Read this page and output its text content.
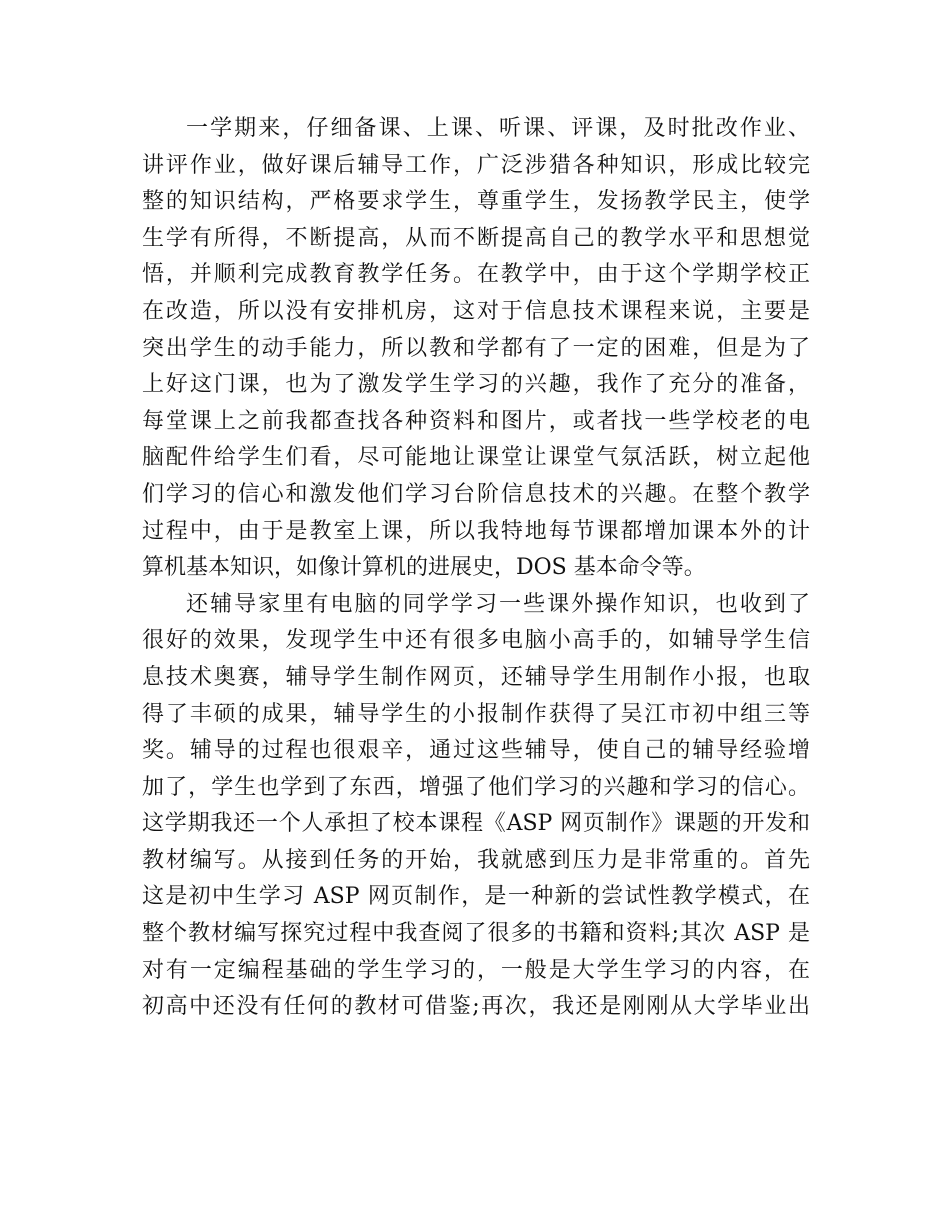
一学期来，仔细备课、上课、听课、评课，及时批改作业、
讲评作业，做好课后辅导工作，广泛涉猎各种知识，形成比较完
整的知识结构，严格要求学生，尊重学生，发扬教学民主，使学
生学有所得，不断提高，从而不断提高自己的教学水平和思想觉
悟，并顺利完成教育教学任务。在教学中，由于这个学期学校正
在改造，所以没有安排机房，这对于信息技术课程来说，主要是
突出学生的动手能力，所以教和学都有了一定的困难，但是为了
上好这门课，也为了激发学生学习的兴趣，我作了充分的准备，
每堂课上之前我都查找各种资料和图片，或者找一些学校老的电
脑配件给学生们看，尽可能地让课堂让课堂气氛活跃，树立起他
们学习的信心和激发他们学习台阶信息技术的兴趣。在整个教学
过程中，由于是教室上课，所以我特地每节课都增加课本外的计
算机基本知识，如像计算机的进展史，DOS 基本命令等。
还辅导家里有电脑的同学学习一些课外操作知识，也收到了
很好的效果，发现学生中还有很多电脑小高手的，如辅导学生信
息技术奥赛，辅导学生制作网页，还辅导学生用制作小报，也取
得了丰硕的成果，辅导学生的小报制作获得了吴江市初中组三等
奖。辅导的过程也很艰辛，通过这些辅导，使自己的辅导经验增
加了，学生也学到了东西，增强了他们学习的兴趣和学习的信心。
这学期我还一个人承担了校本课程《ASP 网页制作》课题的开发和
教材编写。从接到任务的开始，我就感到压力是非常重的。首先
这是初中生学习 ASP 网页制作，是一种新的尝试性教学模式，在
整个教材编写探究过程中我查阅了很多的书籍和资料;其次 ASP 是
对有一定编程基础的学生学习的，一般是大学生学习的内容，在
初高中还没有任何的教材可借鉴;再次，我还是刚刚从大学毕业出
